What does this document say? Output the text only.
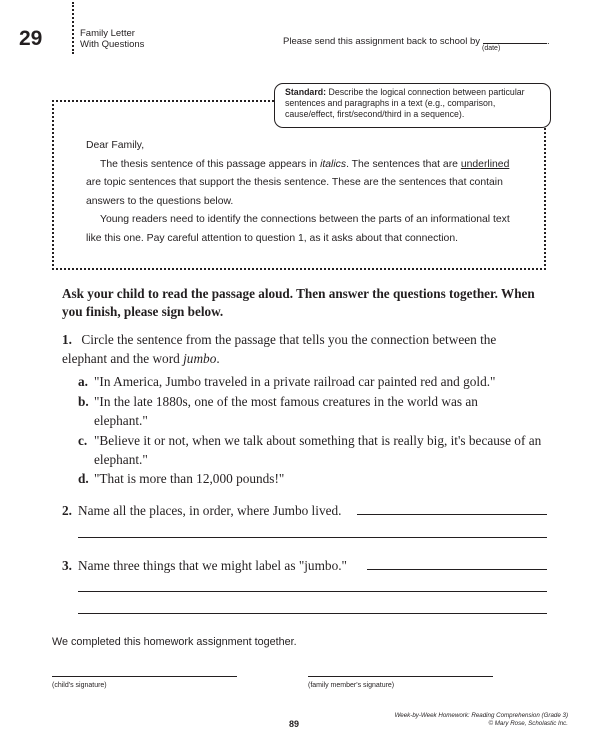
29	Family Letter
With Questions	Please send this assignment back to school by	.
(date)
Standard: Describe the logical connection between particular sentences and paragraphs in a text (e.g., comparison, cause/effect, first/second/third in a sequence).

Dear Family,

The thesis sentence of this passage appears in italics. The sentences that are underlined are topic sentences that support the thesis sentence. These are the sentences that contain answers to the questions below.

Young readers need to identify the connections between the parts of an informational text like this one. Pay careful attention to question 1, as it asks about that connection.

Ask your child to read the passage aloud. Then answer the questions together. When you finish, please sign below.
1. Circle the sentence from the passage that tells you the connection between the elephant and the word jumbo.
a. "In America, Jumbo traveled in a private railroad car painted red and gold."
b. "In the late 1880s, one of the most famous creatures in the world was an elephant."
c. "Believe it or not, when we talk about something that is really big, it's because of an elephant."
d. "That is more than 12,000 pounds!"
2. Name all the places, in order, where Jumbo lived.
3. Name three things that we might label as "jumbo."
We completed this homework assignment together.
(child's signature)	(family member's signature)
89
Week-by-Week Homework: Reading Comprehension (Grade 3)
© Mary Rose, Scholastic Inc.
